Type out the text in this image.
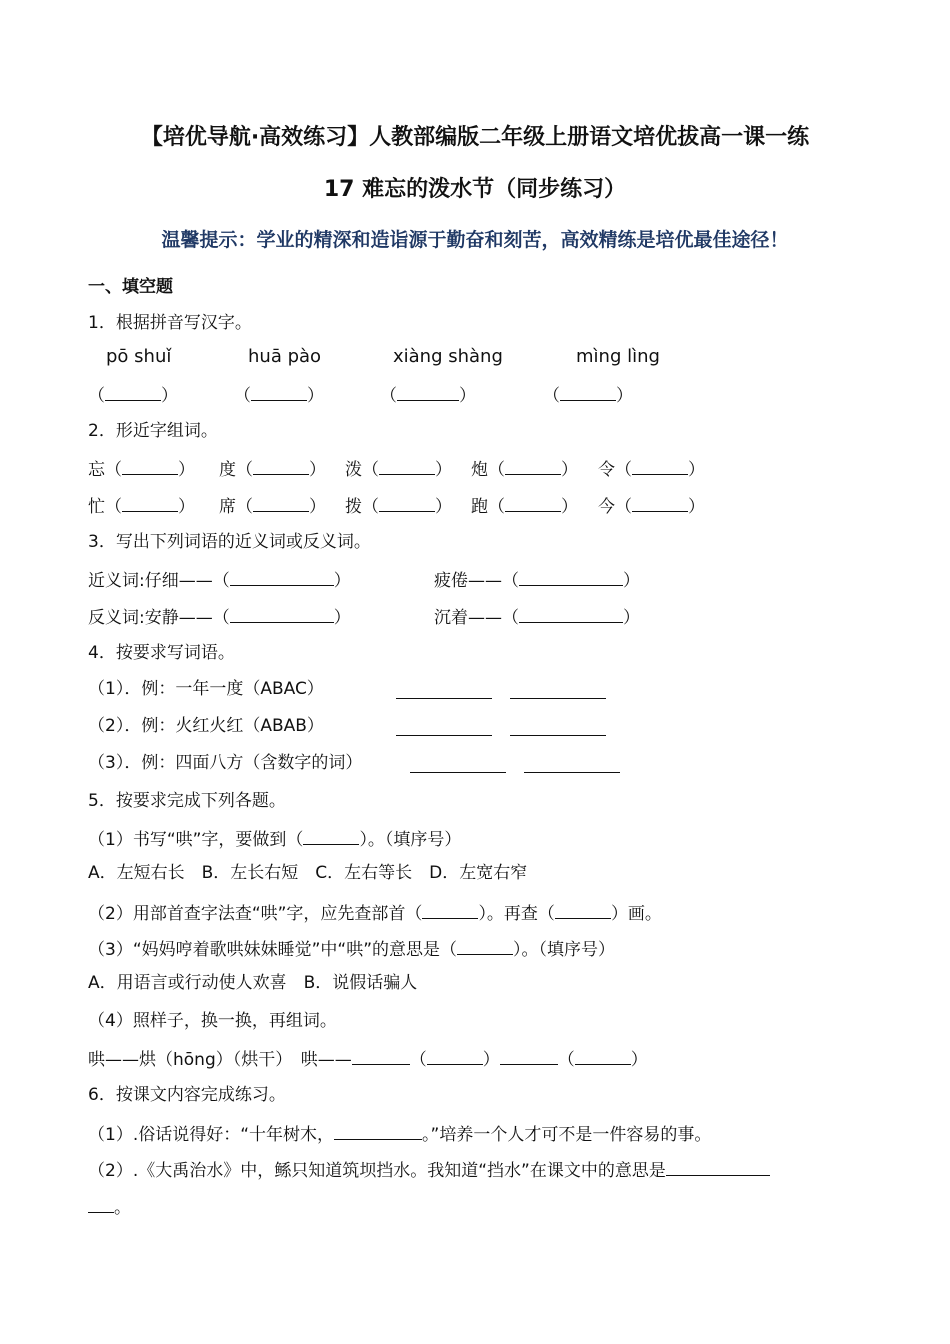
【培优导航·高效练习】人教部编版二年级上册语文培优拔高一课一练
17 难忘的泼水节（同步练习）
温馨提示：学业的精深和造诣源于勤奋和刻苦，高效精练是培优最佳途径！
一、填空题
1．根据拼音写汉字。
pō shuǐ	huā pào	xiàng shàng	mìng lìng
（	）	（	）	（	）	（	）
2．形近字组词。
忘（	） 度（	） 泼（	） 炮（	） 令（	）
忙（	） 席（	） 拨（	） 跑（	） 今（	）
3．写出下列词语的近义词或反义词。
近义词:仔细——（	）	疲倦——（	）
反义词:安静——（	）	沉着——（	）
4．按要求写词语。
（1）．例：一年一度（ABAC）
（2）．例：火红火红（ABAB）
（3）．例：四面八方（含数字的词）
5．按要求完成下列各题。
（1）书写“哄”字，要做到（	）。（填序号）
A．左短右长　B．左长右短　C．左右等长　D．左宽右窄
（2）用部首查字法查“哄”字，应先查部首（	）。再查（	）画。
（3）“妈妈哼着歌哄妹妹睡觉”中“哄”的意思是（	）。（填序号）
A．用语言或行动使人欢喜　B．说假话骗人
（4）照样子，换一换，再组词。
哄——烘（hōng）（烘干）　哄——	（	）	（	）
6．按课文内容完成练习。
（1）.俗话说得好：“十年树木，	。”培养一个人才可不是一件容易的事。
（2）.《大禹治水》中，鲧只知道筑坝挡水。我知道“挡水”在课文中的意思是
。
